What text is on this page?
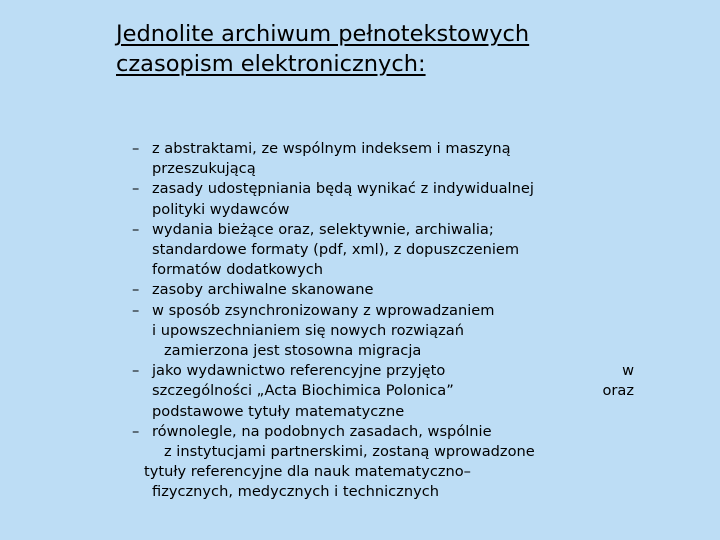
Jednolite archiwum pełnotekstowych
czasopism elektronicznych:
– z abstraktami, ze wspólnym indeksem i maszyną
przeszukującą
– zasady udostępniania będą wynikać z indywidualnej
polityki wydawców
– wydania bieżące oraz, selektywnie, archiwalia;
standardowe formaty (pdf, xml), z dopuszczeniem
formatów dodatkowych
– zasoby archiwalne skanowane
– w sposób zsynchronizowany z wprowadzaniem
i upowszechnianiem się nowych rozwiązań
zamierzona jest stosowna migracja
– jako wydawnictwo referencyjne przyjęto	w
szczególności „Acta Biochimica Polonica”	oraz
podstawowe tytuły matematyczne
– równolegle, na podobnych zasadach, wspólnie
z instytucjami partnerskimi, zostaną wprowadzone
tytuły referencyjne dla nauk matematyczno–
fizycznych, medycznych i technicznych
